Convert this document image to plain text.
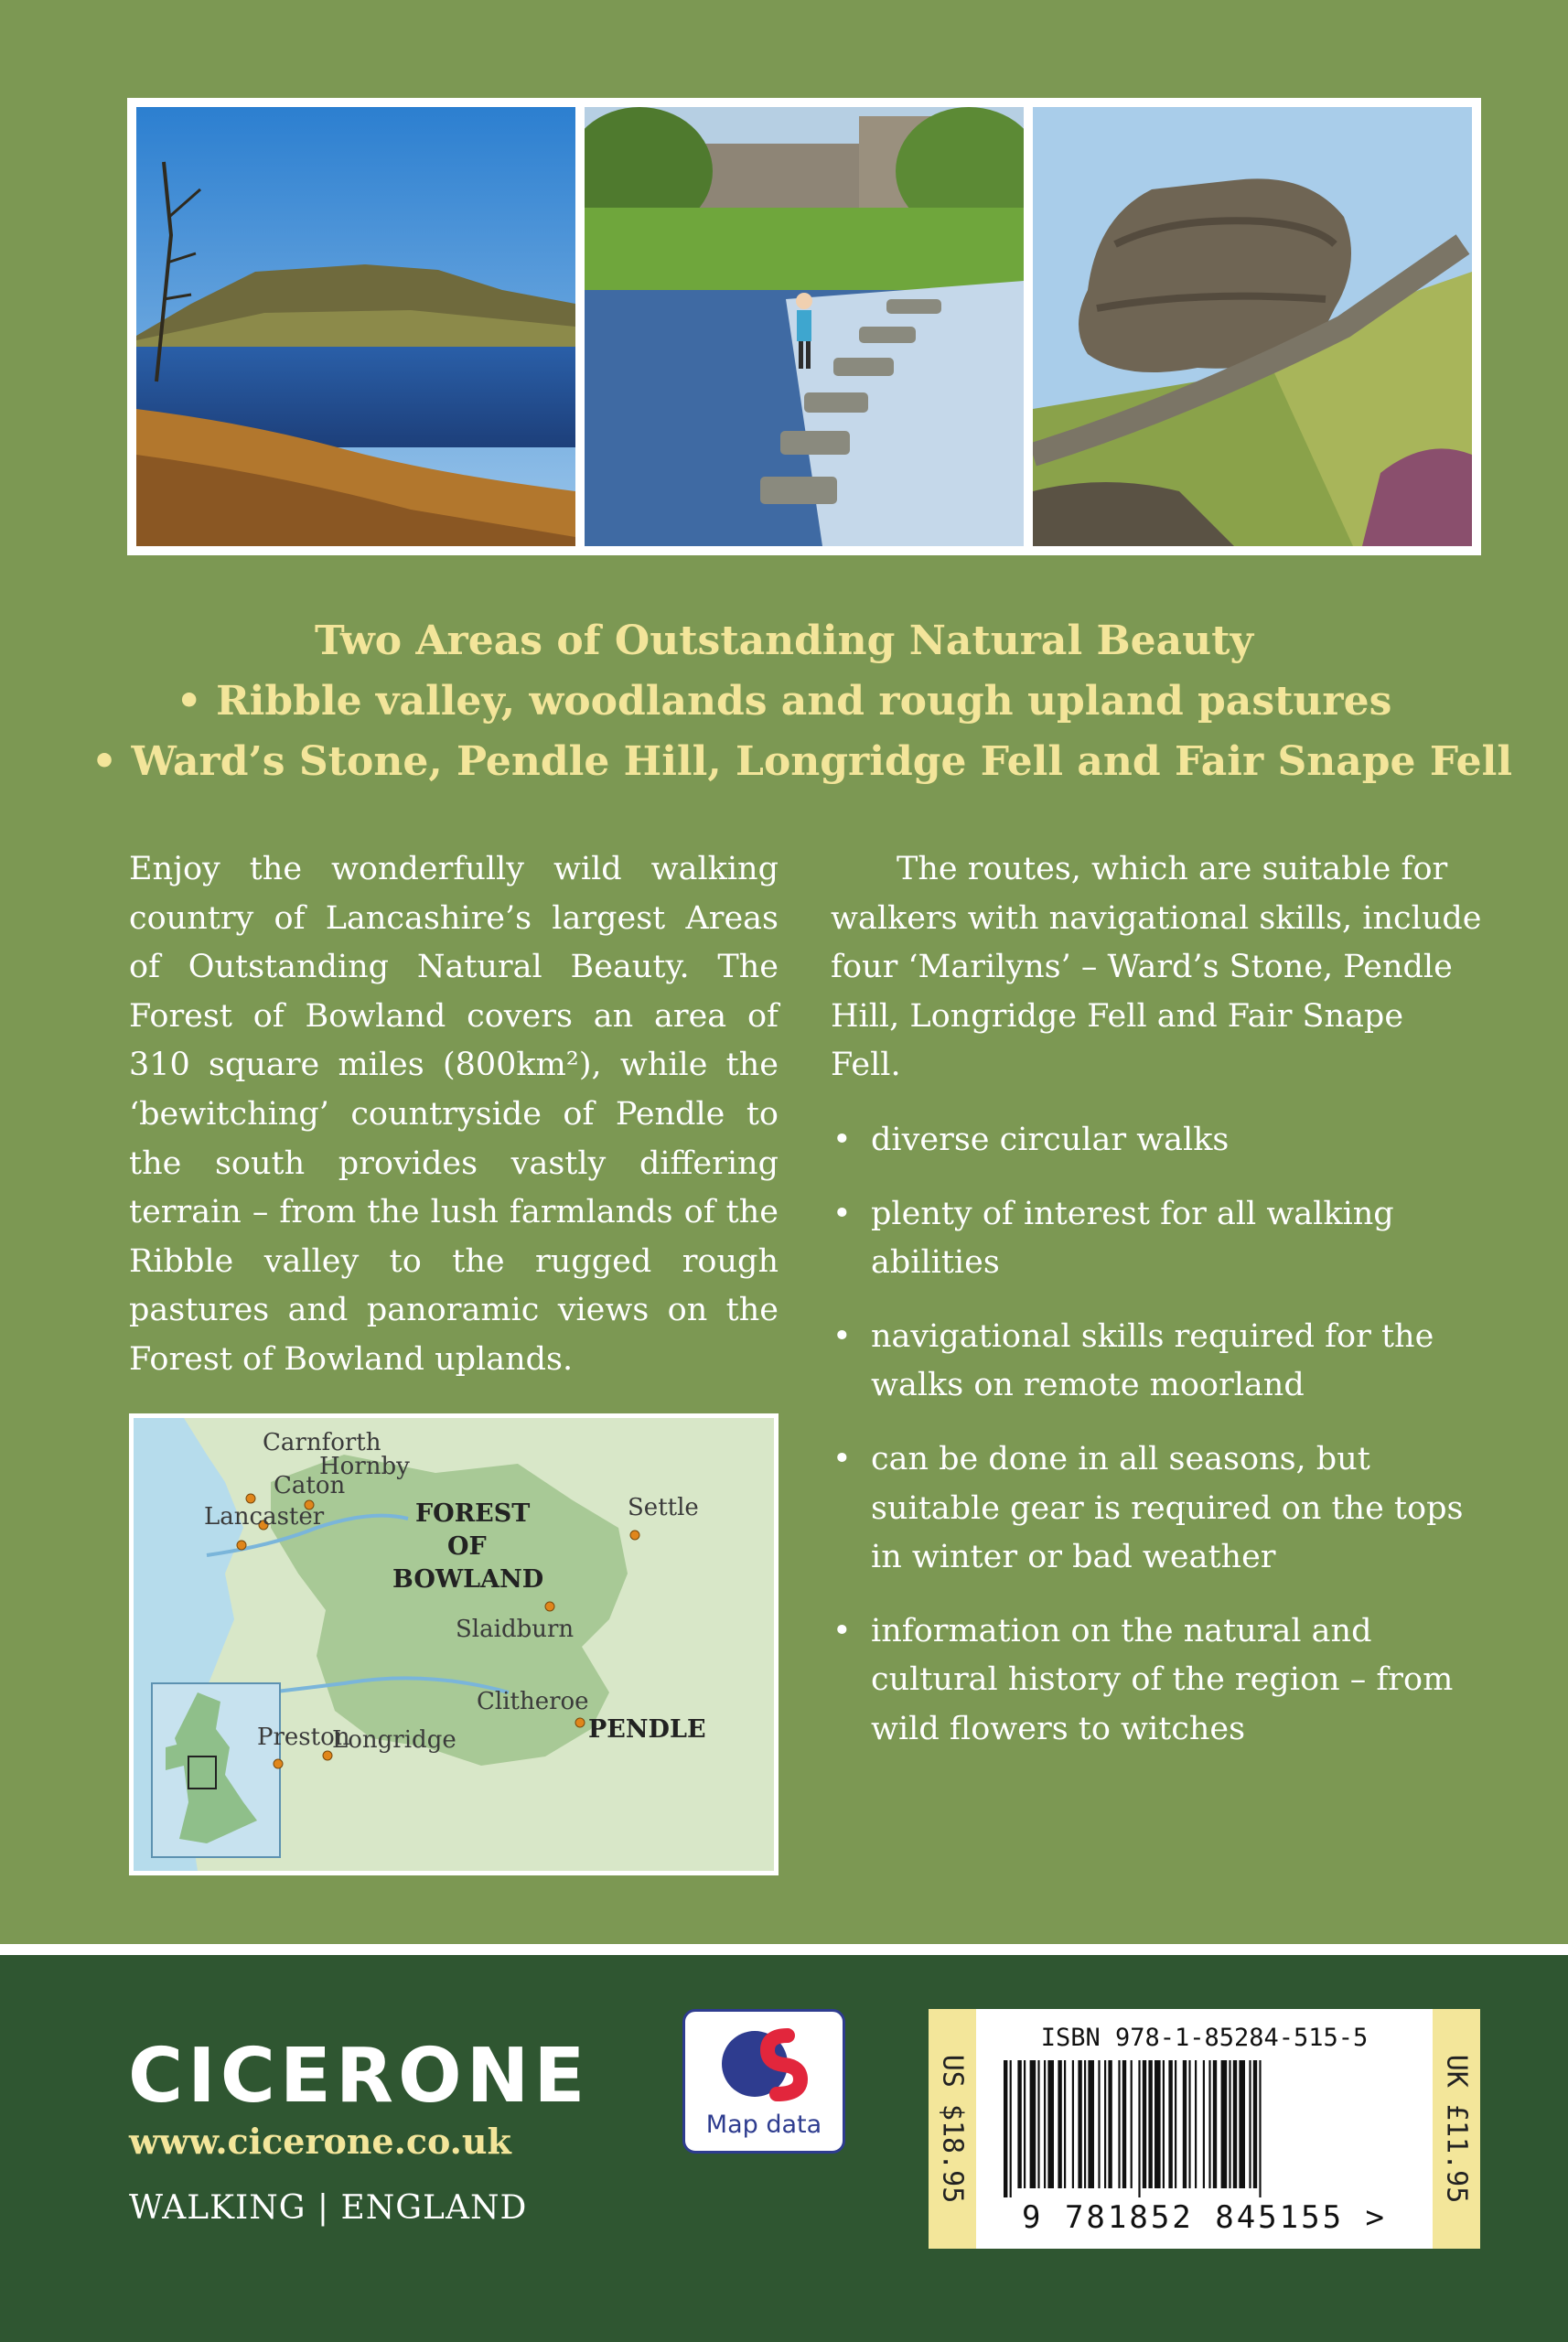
Two Areas of Outstanding Natural Beauty
• Ribble valley, woodlands and rough upland pastures
• Ward’s Stone, Pendle Hill, Longridge Fell and Fair Snape Fell

Enjoy the wonderfully wild walking country of Lancashire’s largest Areas of Outstanding Natural Beauty. The Forest of Bowland covers an area of 310 square miles (800km²), while the ‘bewitching’ countryside of Pendle to the south provides vastly differing terrain – from the lush farmlands of the Ribble valley to the rugged rough pastures and panoramic views on the Forest of Bowland uplands.

The routes, which are suitable for walkers with navigational skills, include four ‘Marilyns’ – Ward’s Stone, Pendle Hill, Longridge Fell and Fair Snape Fell.

• diverse circular walks
• plenty of interest for all walking abilities
• navigational skills required for the walks on remote moorland
• can be done in all seasons, but suitable gear is required on the tops in winter or bad weather
• information on the natural and cultural history of the region – from wild flowers to witches
Carnforth
Hornby
Caton
Lancaster	Settle
Slaidburn
Clitheroe
Preston
Longridge
FOREST
OF
BOWLAND
PENDLE
CICERONE
www.cicerone.co.uk
WALKING | ENGLAND
Map data	US $18.95
ISBN 978-1-85284-515-5
9 781852 845155 >
UK £11.95
